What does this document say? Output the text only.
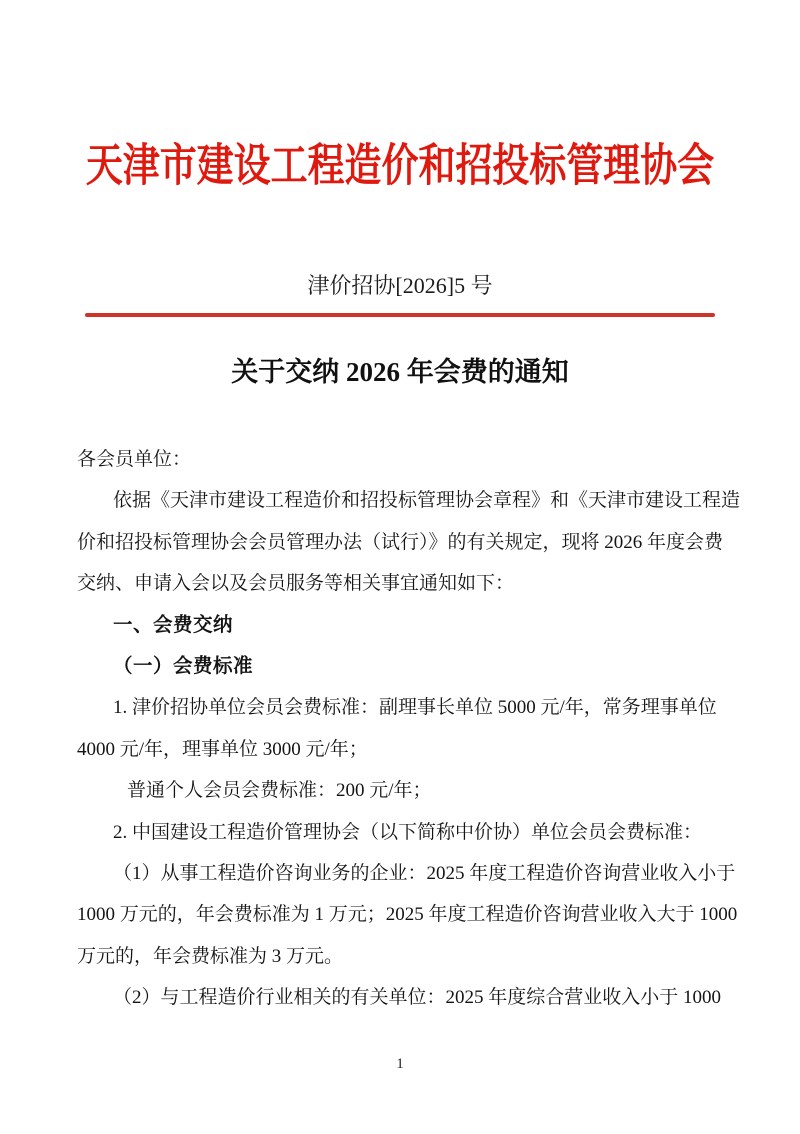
天津市建设工程造价和招投标管理协会
津价招协[2026]5 号
关于交纳 2026 年会费的通知
各会员单位：
依据《天津市建设工程造价和招投标管理协会章程》和《天津市建设工程造
价和招投标管理协会会员管理办法（试行）》的有关规定，现将 2026 年度会费
交纳、申请入会以及会员服务等相关事宜通知如下：
一、会费交纳
（一）会费标准
1. 津价招协单位会员会费标准：副理事长单位 5000 元/年，常务理事单位
4000 元/年，理事单位 3000 元/年；
普通个人会员会费标准：200 元/年；
2. 中国建设工程造价管理协会（以下简称中价协）单位会员会费标准：
（1）从事工程造价咨询业务的企业：2025 年度工程造价咨询营业收入小于
1000 万元的，年会费标准为 1 万元；2025 年度工程造价咨询营业收入大于 1000
万元的，年会费标准为 3 万元。
（2）与工程造价行业相关的有关单位：2025 年度综合营业收入小于 1000
1
